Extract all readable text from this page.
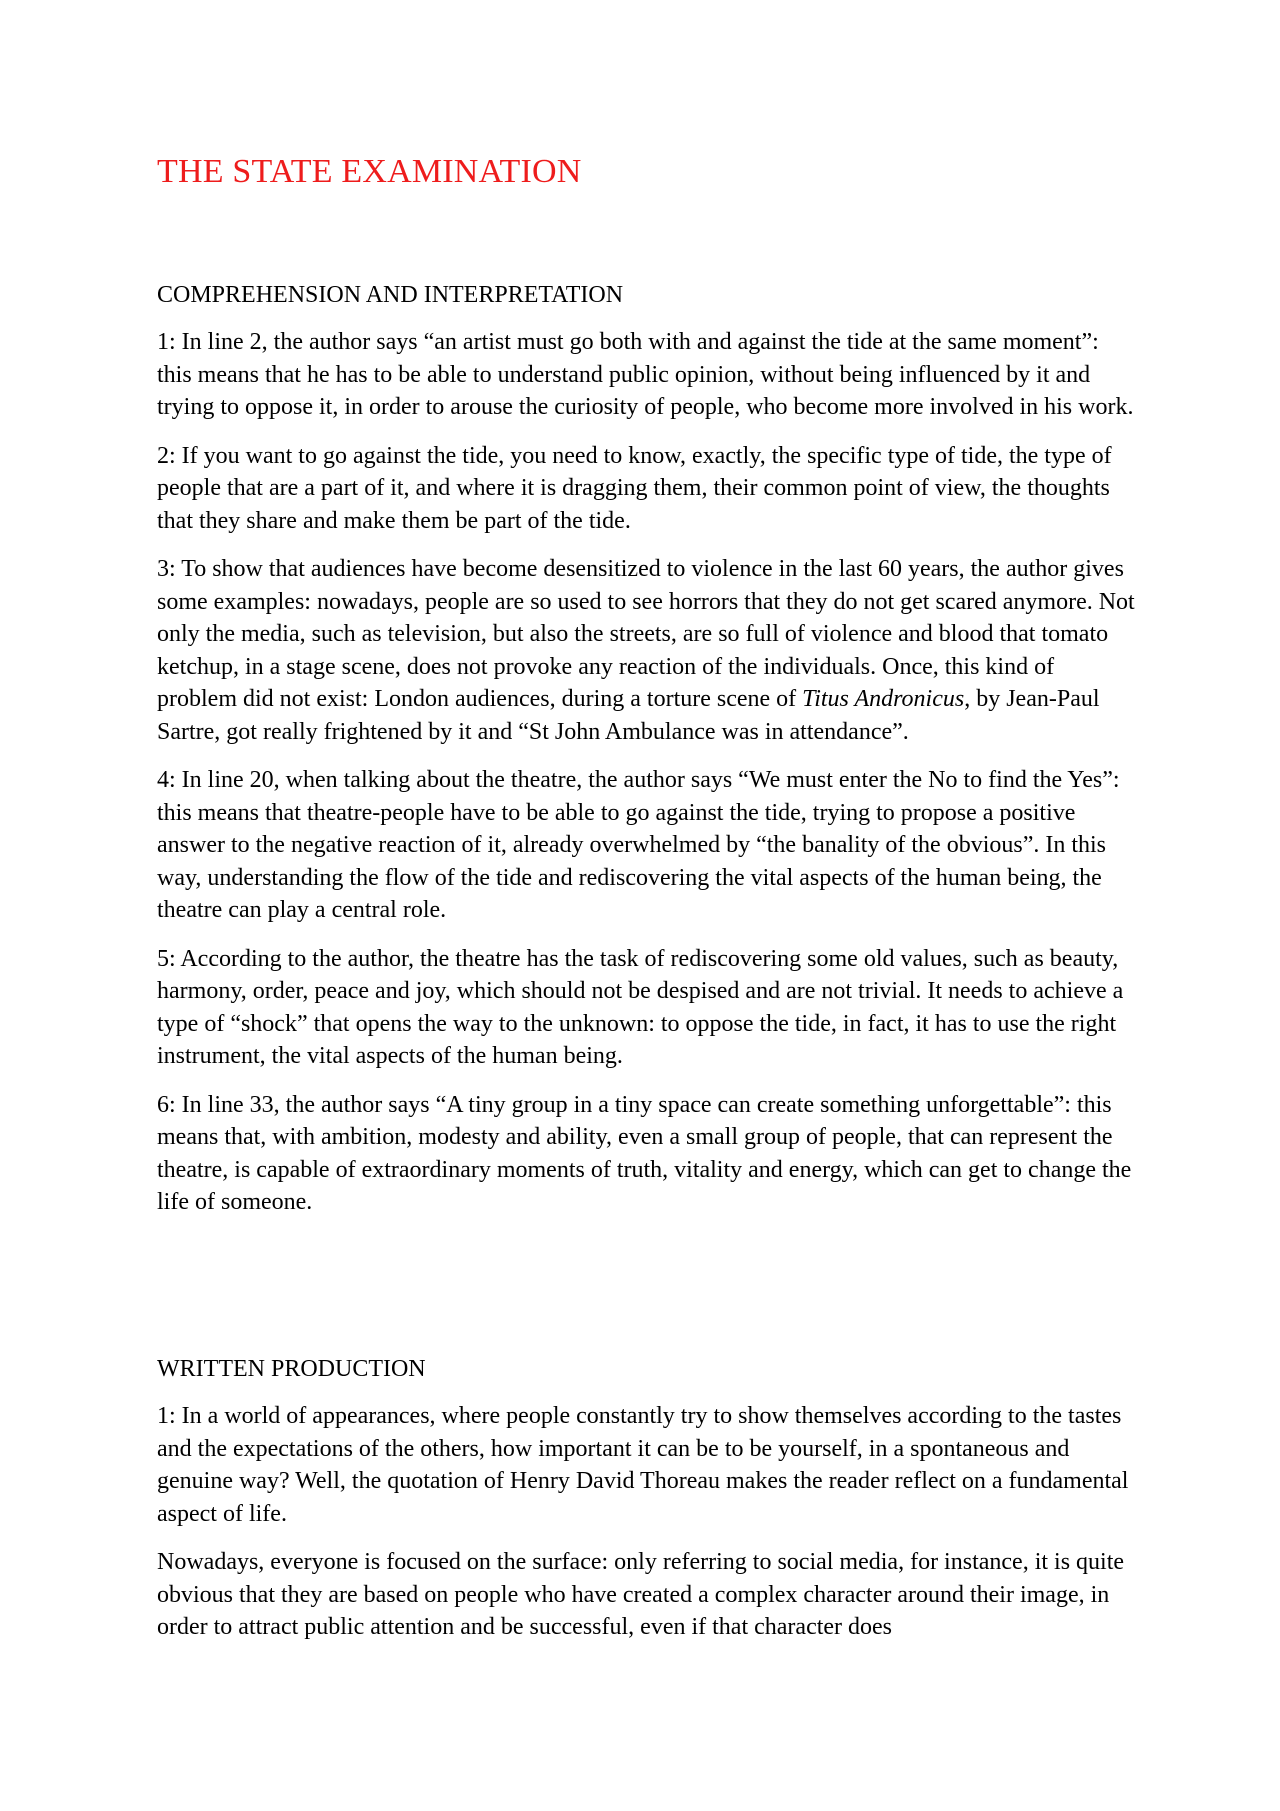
THE STATE EXAMINATION
COMPREHENSION AND INTERPRETATION

1: In line 2, the author says “an artist must go both with and against the tide at the same moment”: this means that he has to be able to understand public opinion, without being influenced by it and trying to oppose it, in order to arouse the curiosity of people, who become more involved in his work.

2: If you want to go against the tide, you need to know, exactly, the specific type of tide, the type of people that are a part of it, and where it is dragging them, their common point of view, the thoughts that they share and make them be part of the tide.

3: To show that audiences have become desensitized to violence in the last 60 years, the author gives some examples: nowadays, people are so used to see horrors that they do not get scared anymore. Not only the media, such as television, but also the streets, are so full of violence and blood that tomato ketchup, in a stage scene, does not provoke any reaction of the individuals. Once, this kind of problem did not exist: London audiences, during a torture scene of Titus Andronicus, by Jean-Paul Sartre, got really frightened by it and “St John Ambulance was in attendance”.

4: In line 20, when talking about the theatre, the author says “We must enter the No to find the Yes”: this means that theatre-people have to be able to go against the tide, trying to propose a positive answer to the negative reaction of it, already overwhelmed by “the banality of the obvious”. In this way, understanding the flow of the tide and rediscovering the vital aspects of the human being, the theatre can play a central role.

5: According to the author, the theatre has the task of rediscovering some old values, such as beauty, harmony, order, peace and joy, which should not be despised and are not trivial. It needs to achieve a type of “shock” that opens the way to the unknown: to oppose the tide, in fact, it has to use the right instrument, the vital aspects of the human being.

6: In line 33, the author says “A tiny group in a tiny space can create something unforgettable”: this means that, with ambition, modesty and ability, even a small group of people, that can represent the theatre, is capable of extraordinary moments of truth, vitality and energy, which can get to change the life of someone.

WRITTEN PRODUCTION

1: In a world of appearances, where people constantly try to show themselves according to the tastes and the expectations of the others, how important it can be to be yourself, in a spontaneous and genuine way? Well, the quotation of Henry David Thoreau makes the reader reflect on a fundamental aspect of life.

Nowadays, everyone is focused on the surface: only referring to social media, for instance, it is quite obvious that they are based on people who have created a complex character around their image, in order to attract public attention and be successful, even if that character does
